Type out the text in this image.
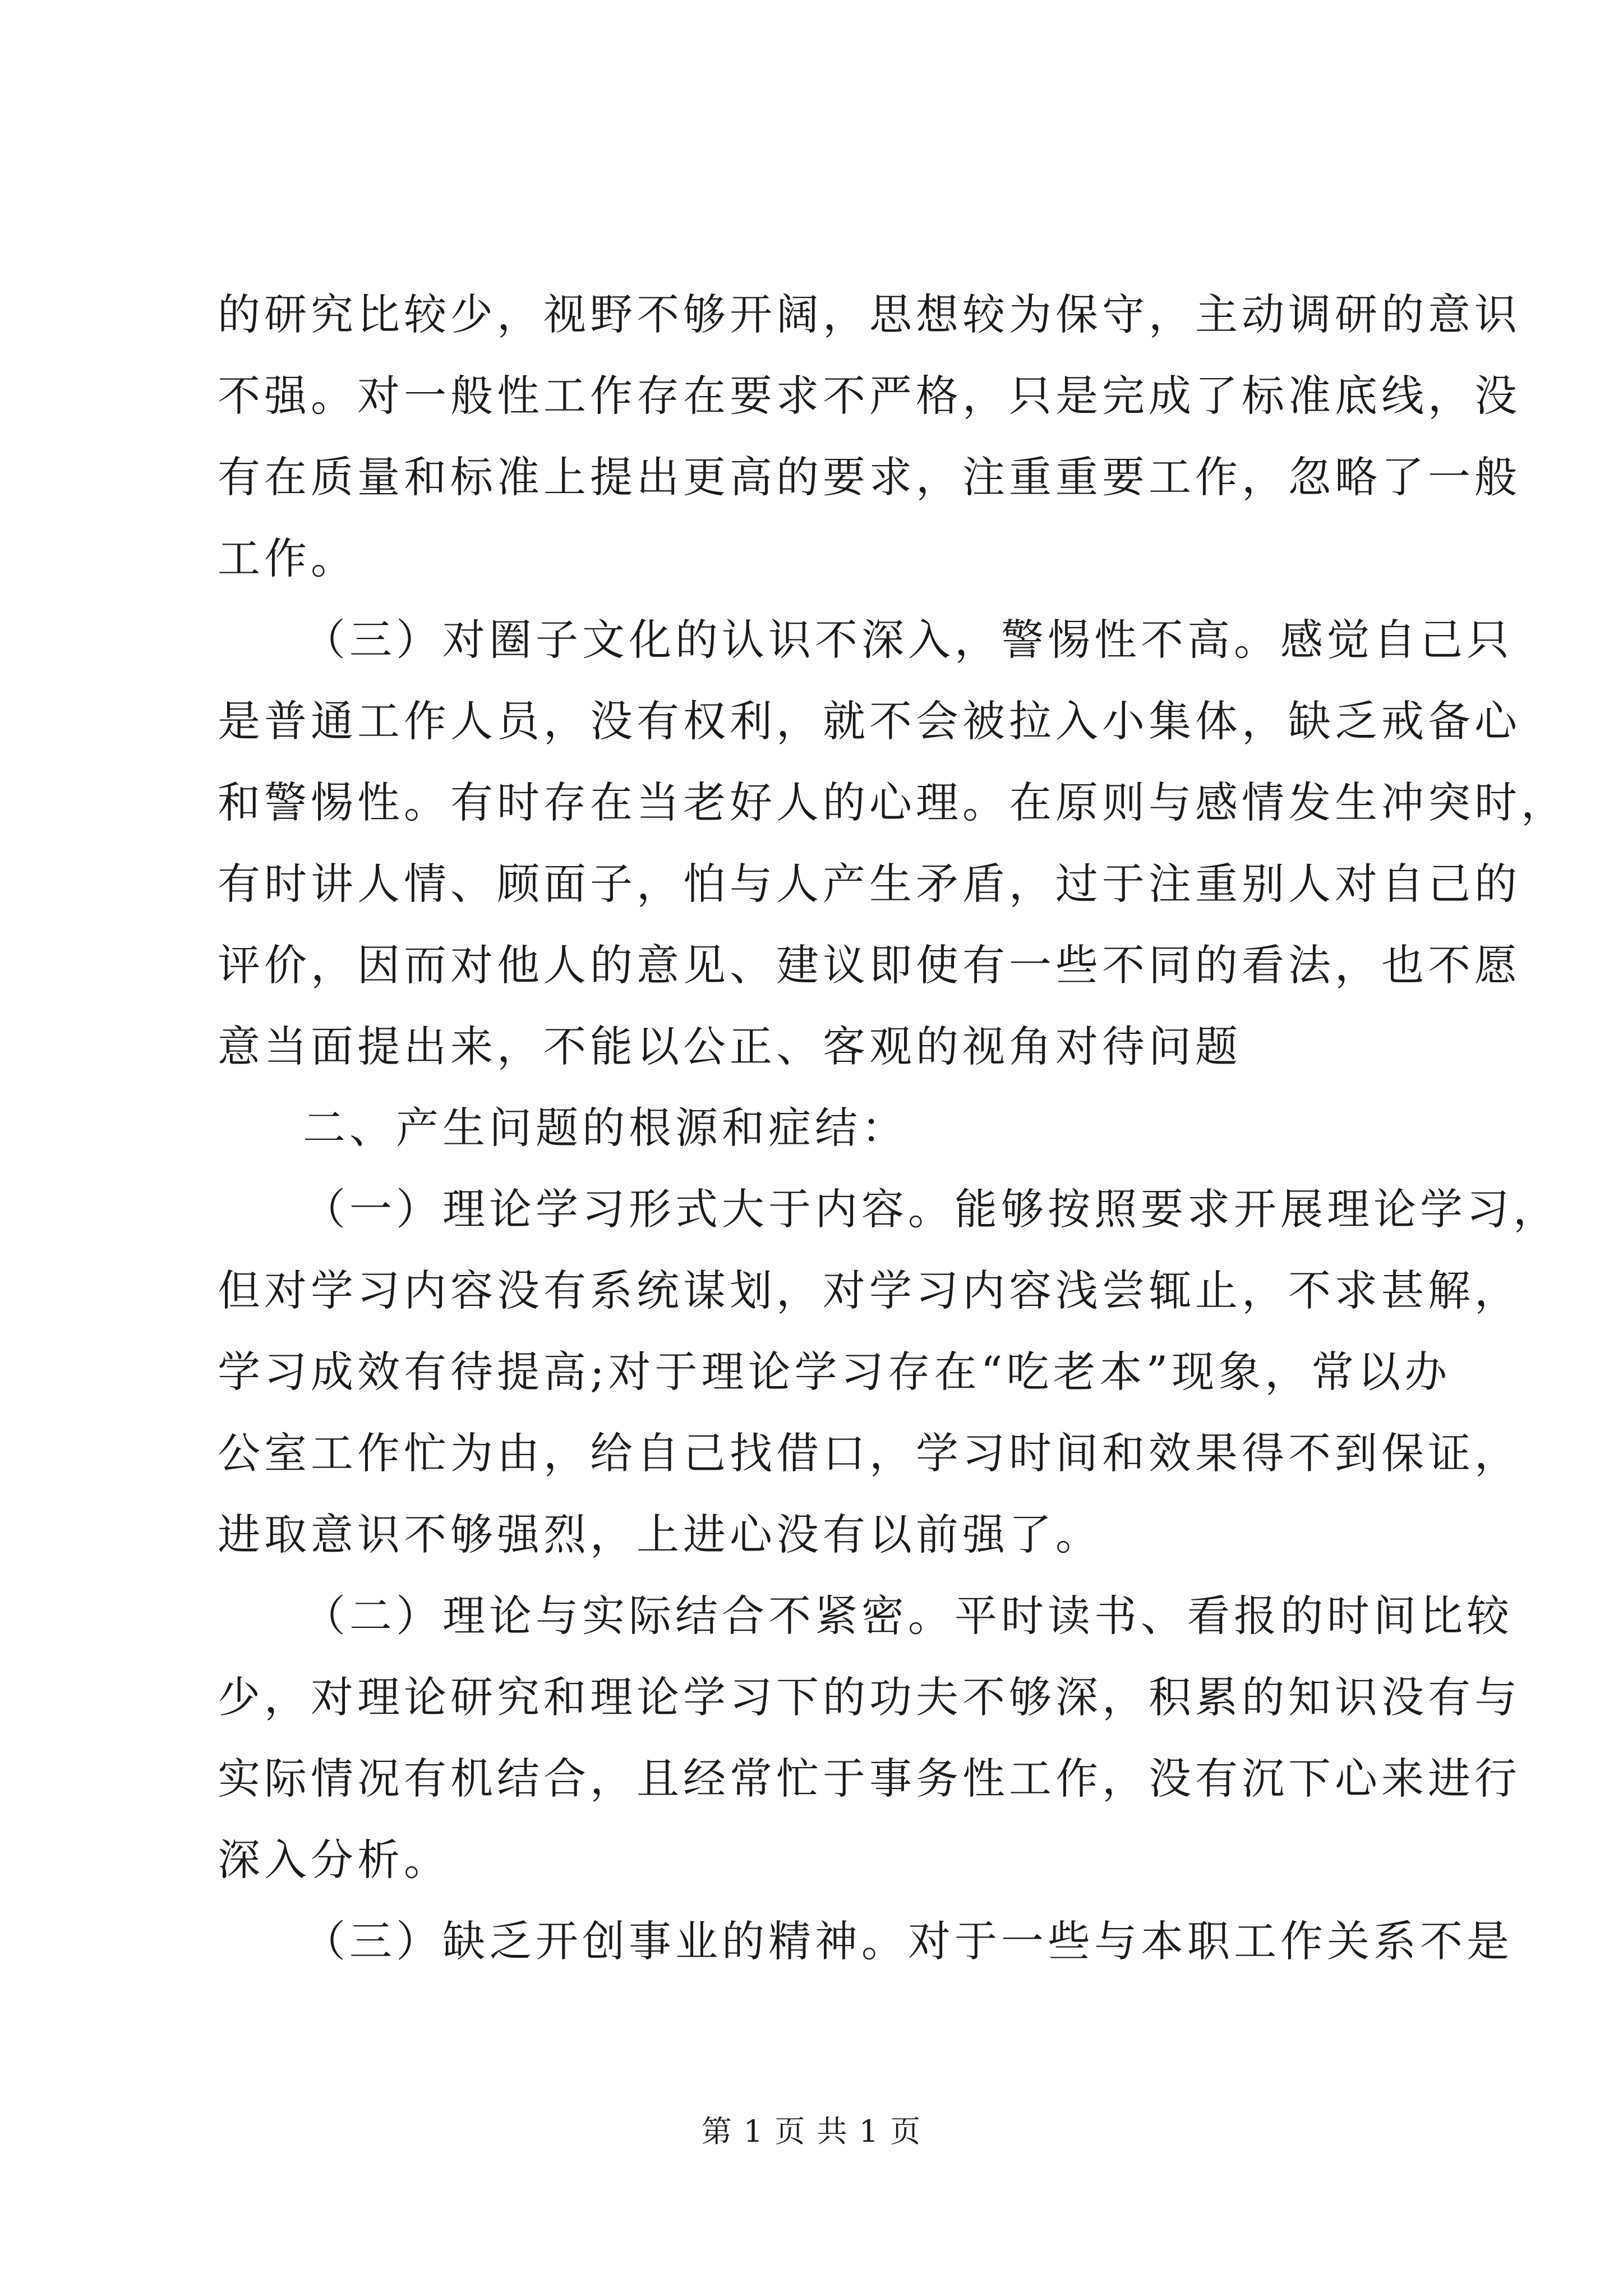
的研究比较少，视野不够开阔，思想较为保守，主动调研的意识
不强。对一般性工作存在要求不严格，只是完成了标准底线，没
有在质量和标准上提出更高的要求，注重重要工作，忽略了一般
工作。
（三）对圈子文化的认识不深入，警惕性不高。感觉自己只
是普通工作人员，没有权利，就不会被拉入小集体，缺乏戒备心
和警惕性。有时存在当老好人的心理。在原则与感情发生冲突时，
有时讲人情、顾面子，怕与人产生矛盾，过于注重别人对自己的
评价，因而对他人的意见、建议即使有一些不同的看法，也不愿
意当面提出来，不能以公正、客观的视角对待问题
二、产生问题的根源和症结：
（一）理论学习形式大于内容。能够按照要求开展理论学习，
但对学习内容没有系统谋划，对学习内容浅尝辄止，不求甚解，
学习成效有待提高;对于理论学习存在“吃老本”现象，常以办
公室工作忙为由，给自己找借口，学习时间和效果得不到保证，
进取意识不够强烈，上进心没有以前强了。
（二）理论与实际结合不紧密。平时读书、看报的时间比较
少，对理论研究和理论学习下的功夫不够深，积累的知识没有与
实际情况有机结合，且经常忙于事务性工作，没有沉下心来进行
深入分析。
（三）缺乏开创事业的精神。对于一些与本职工作关系不是
第 1 页 共 1 页
